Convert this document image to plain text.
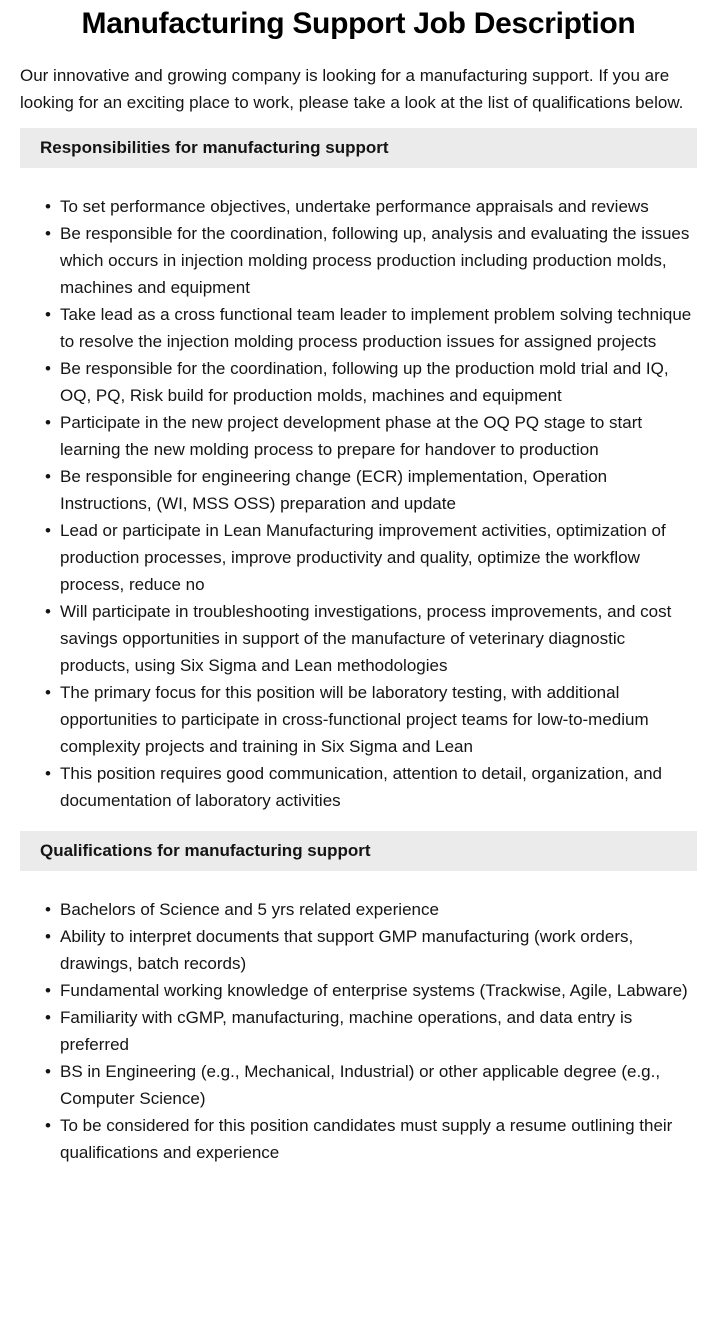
Manufacturing Support Job Description

Our innovative and growing company is looking for a manufacturing support. If you are looking for an exciting place to work, please take a look at the list of qualifications below.

Responsibilities for manufacturing support
• To set performance objectives, undertake performance appraisals and reviews
• Be responsible for the coordination, following up, analysis and evaluating the issues which occurs in injection molding process production including production molds, machines and equipment
• Take lead as a cross functional team leader to implement problem solving technique to resolve the injection molding process production issues for assigned projects
• Be responsible for the coordination, following up the production mold trial and IQ, OQ, PQ, Risk build for production molds, machines and equipment
• Participate in the new project development phase at the OQ PQ stage to start learning the new molding process to prepare for handover to production
• Be responsible for engineering change (ECR) implementation, Operation Instructions, (WI, MSS OSS) preparation and update
• Lead or participate in Lean Manufacturing improvement activities, optimization of production processes, improve productivity and quality, optimize the workflow process, reduce no
• Will participate in troubleshooting investigations, process improvements, and cost savings opportunities in support of the manufacture of veterinary diagnostic products, using Six Sigma and Lean methodologies
• The primary focus for this position will be laboratory testing, with additional opportunities to participate in cross-functional project teams for low-to-medium complexity projects and training in Six Sigma and Lean
• This position requires good communication, attention to detail, organization, and documentation of laboratory activities
Qualifications for manufacturing support
• Bachelors of Science and 5 yrs related experience
• Ability to interpret documents that support GMP manufacturing (work orders, drawings, batch records)
• Fundamental working knowledge of enterprise systems (Trackwise, Agile, Labware)
• Familiarity with cGMP, manufacturing, machine operations, and data entry is preferred
• BS in Engineering (e.g., Mechanical, Industrial) or other applicable degree (e.g., Computer Science)
• To be considered for this position candidates must supply a resume outlining their qualifications and experience
